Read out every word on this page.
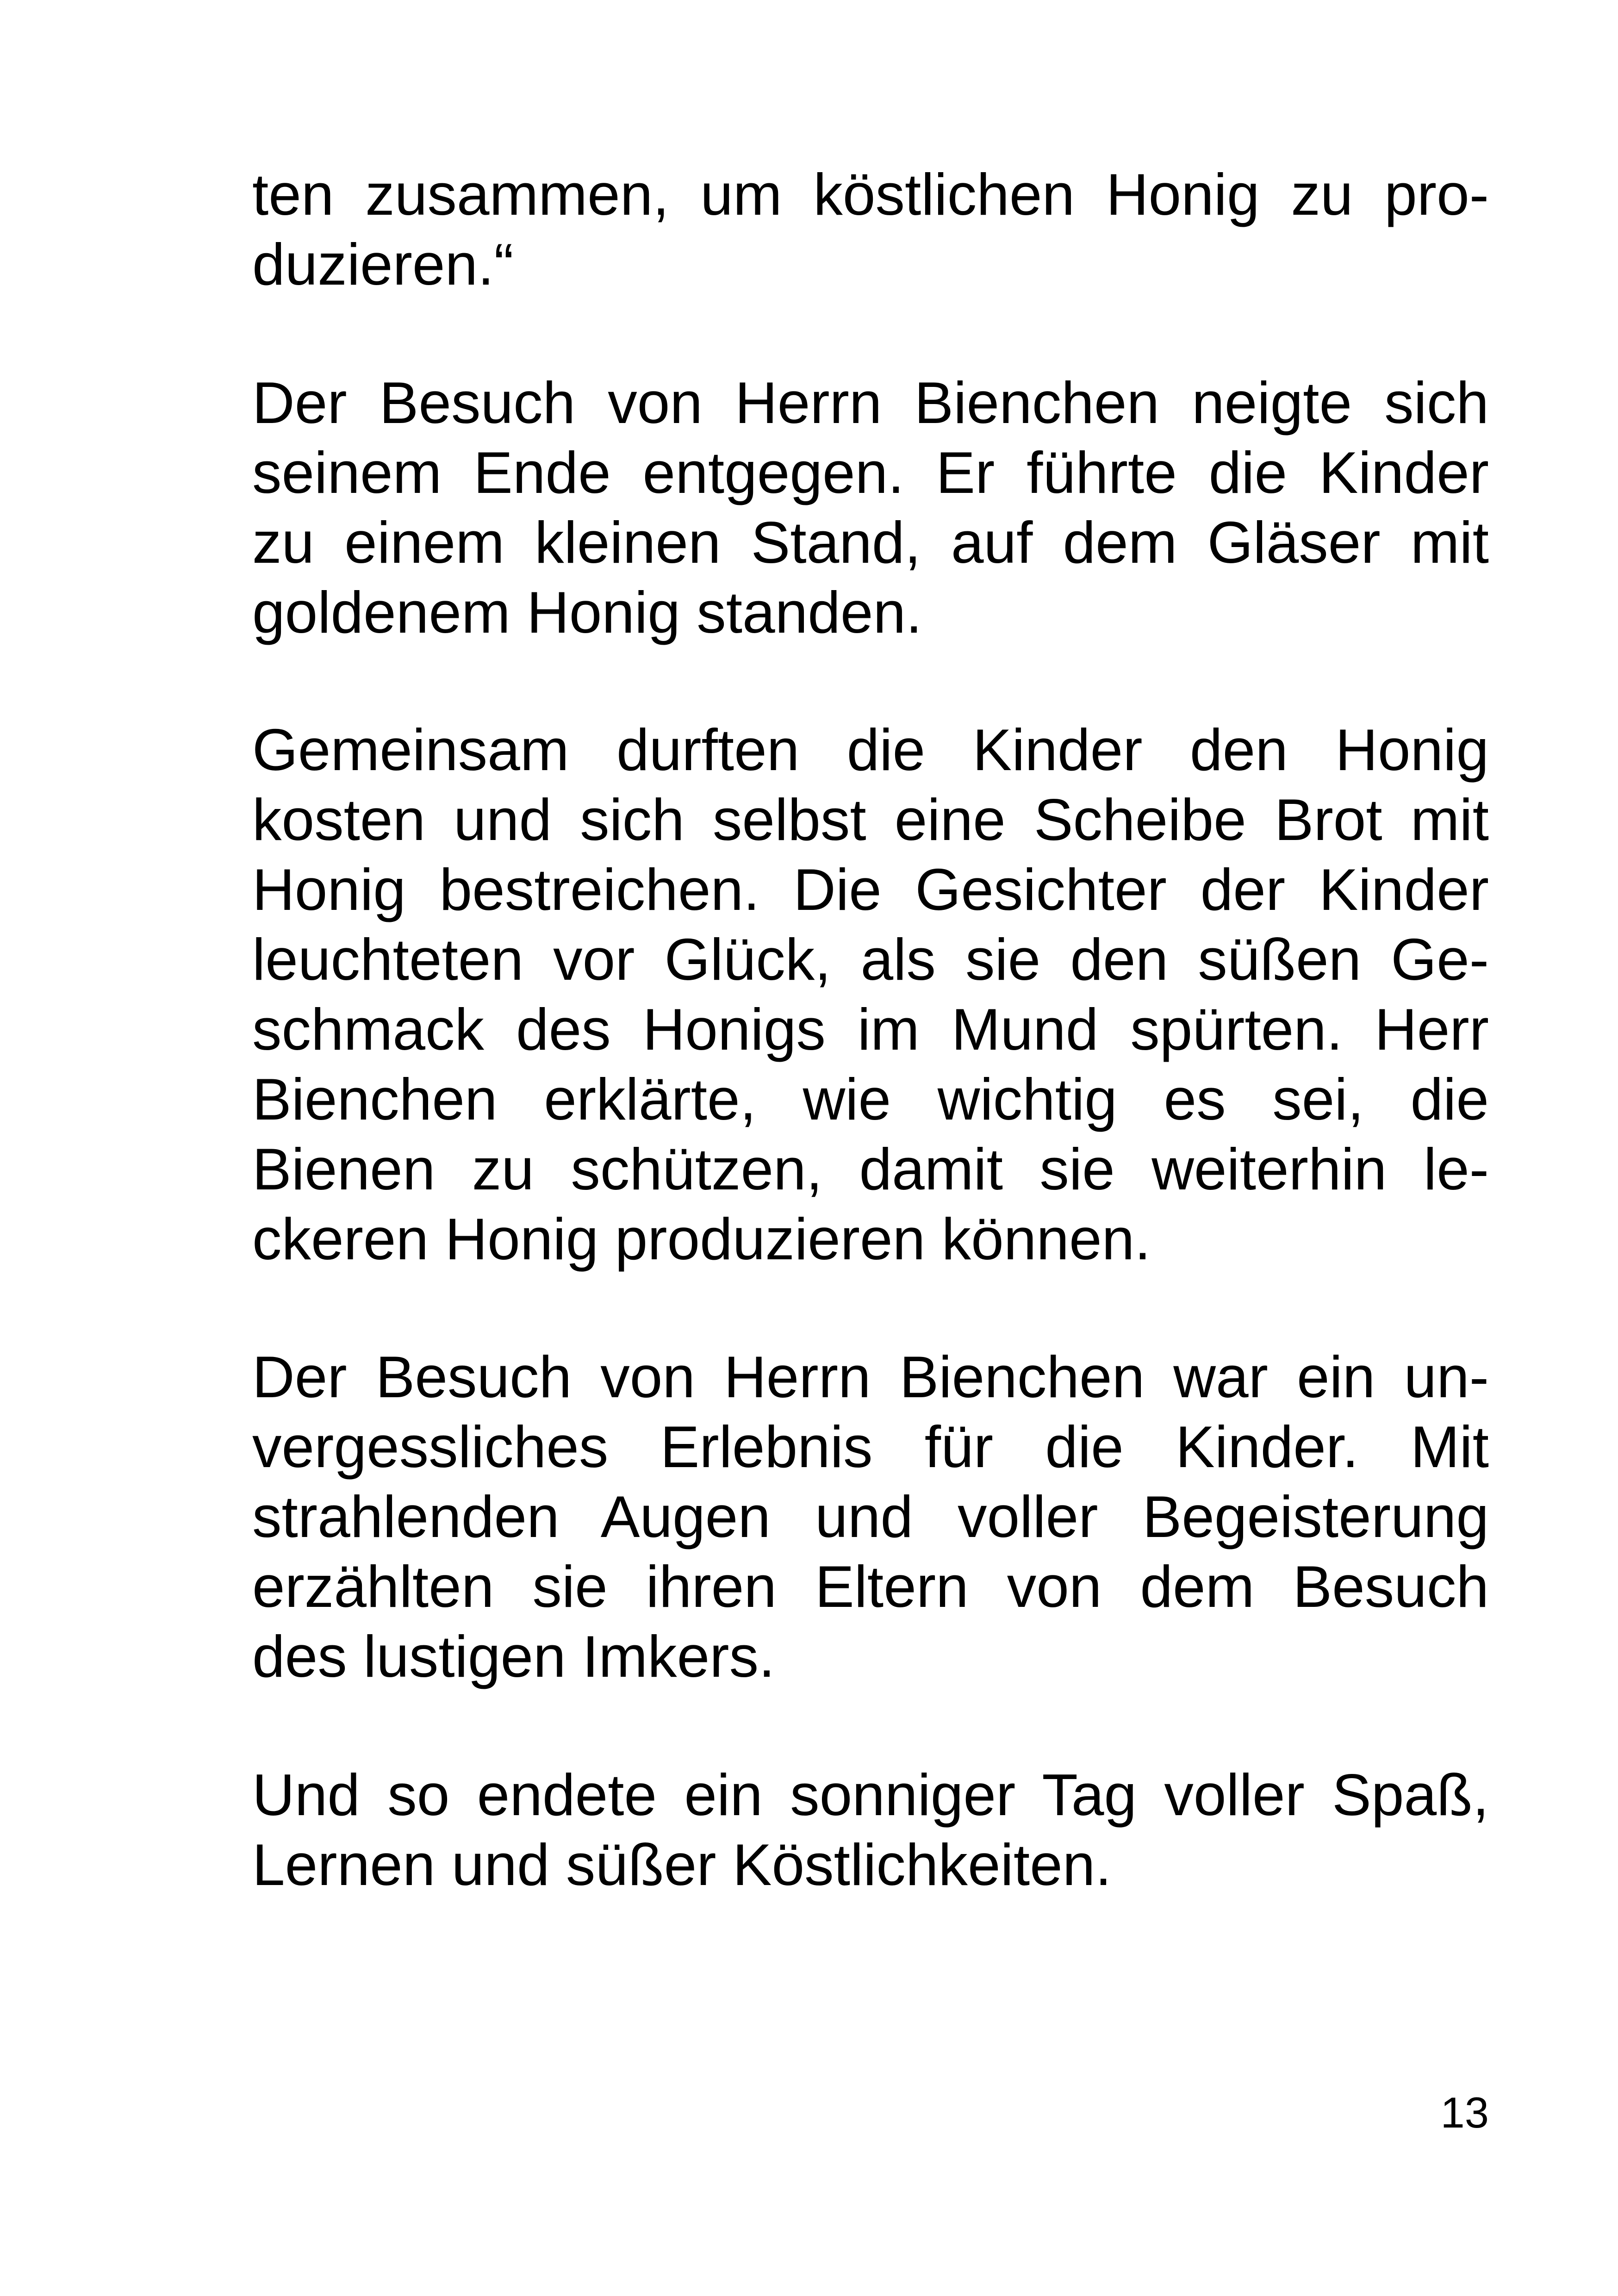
ten zusammen, um köstlichen Honig zu pro-
duzieren.“
Der Besuch von Herrn Bienchen neigte sich
seinem Ende entgegen. Er führte die Kinder
zu einem kleinen Stand, auf dem Gläser mit
goldenem Honig standen.
Gemeinsam durften die Kinder den Honig
kosten und sich selbst eine Scheibe Brot mit
Honig bestreichen. Die Gesichter der Kinder
leuchteten vor Glück, als sie den süßen Ge-
schmack des Honigs im Mund spürten. Herr
Bienchen erklärte, wie wichtig es sei, die
Bienen zu schützen, damit sie weiterhin le-
ckeren Honig produzieren können.
Der Besuch von Herrn Bienchen war ein un-
vergessliches Erlebnis für die Kinder. Mit
strahlenden Augen und voller Begeisterung
erzählten sie ihren Eltern von dem Besuch
des lustigen Imkers.
Und so endete ein sonniger Tag voller Spaß,
Lernen und süßer Köstlichkeiten.
13
